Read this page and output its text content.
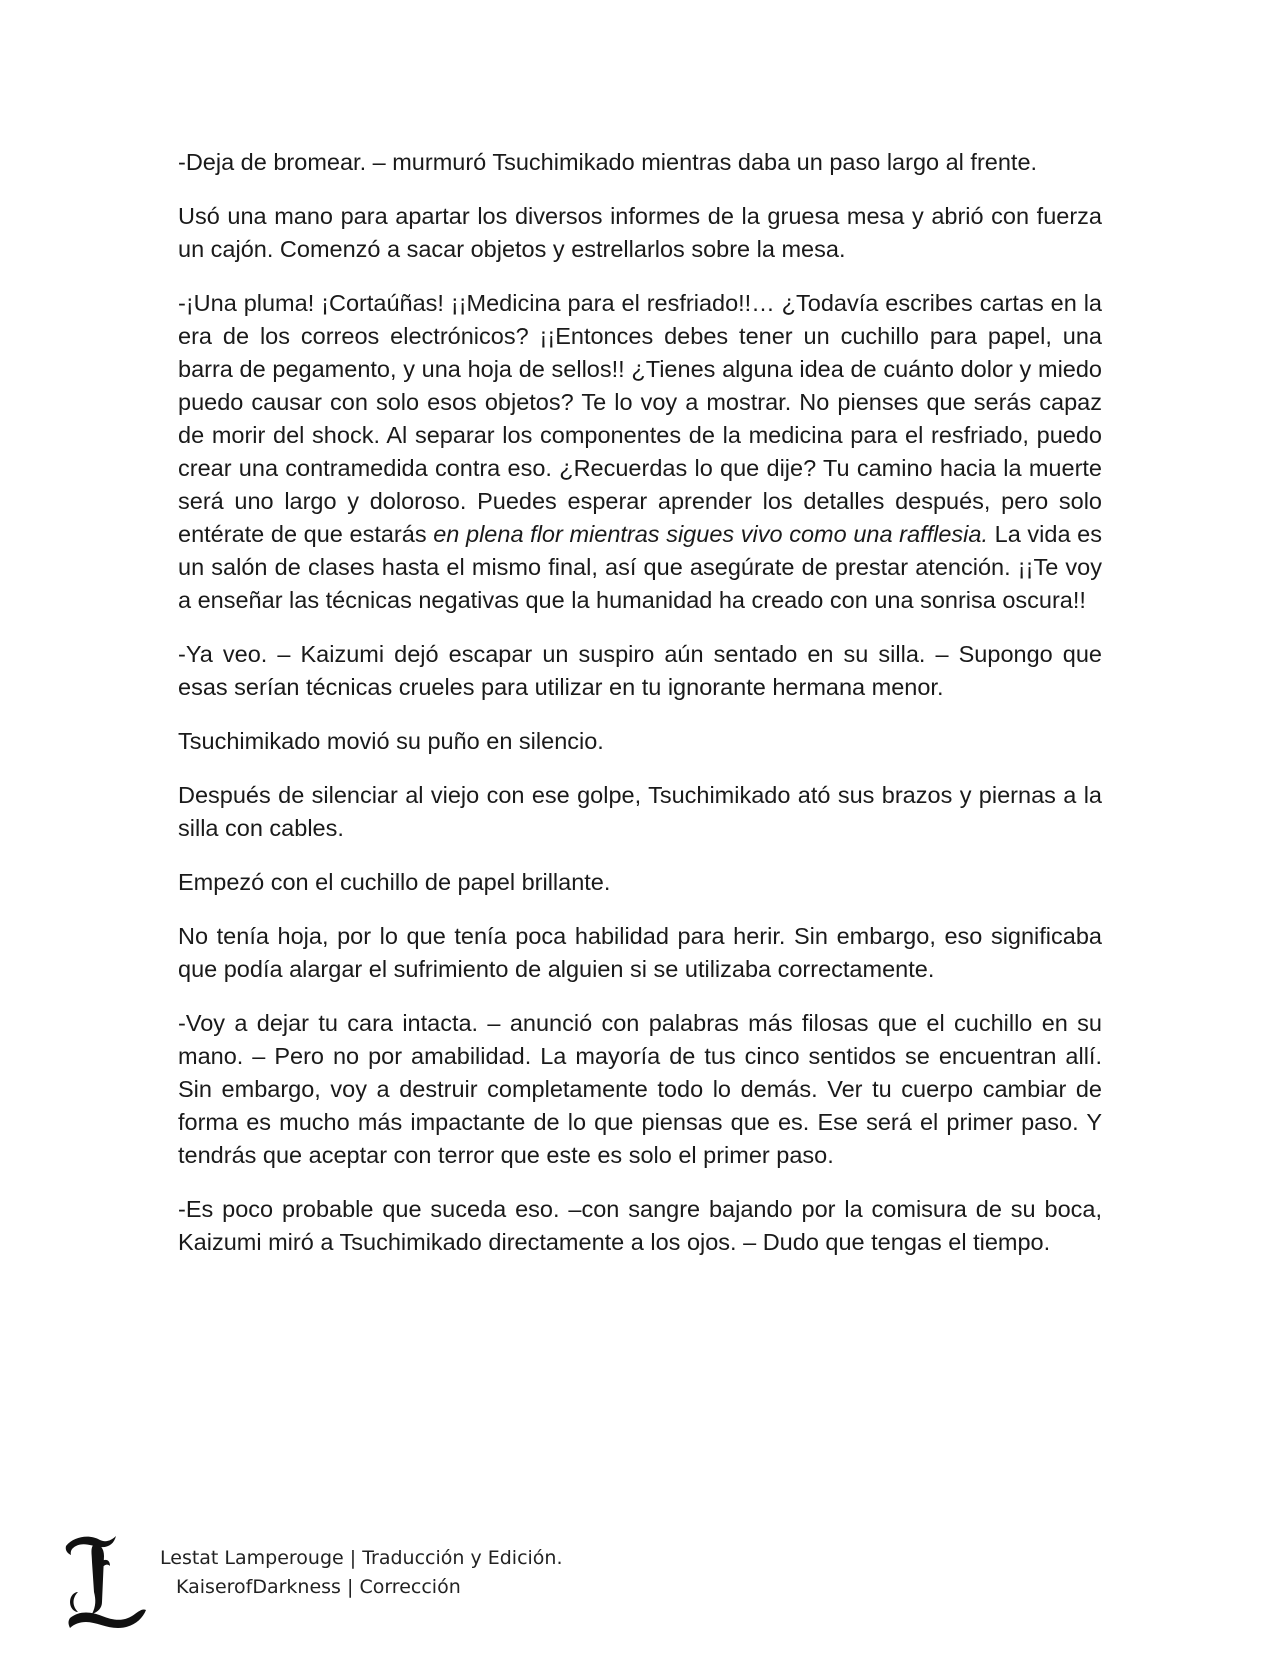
-Deja de bromear. – murmuró Tsuchimikado mientras daba un paso largo al frente.

Usó una mano para apartar los diversos informes de la gruesa mesa y abrió con fuerza un cajón. Comenzó a sacar objetos y estrellarlos sobre la mesa.

-¡Una pluma! ¡Cortaúñas! ¡¡Medicina para el resfriado!!… ¿Todavía escribes cartas en la era de los correos electrónicos? ¡¡Entonces debes tener un cuchillo para papel, una barra de pegamento, y una hoja de sellos!! ¿Tienes alguna idea de cuánto dolor y miedo puedo causar con solo esos objetos? Te lo voy a mostrar. No pienses que serás capaz de morir del shock. Al separar los componentes de la medicina para el resfriado, puedo crear una contramedida contra eso. ¿Recuerdas lo que dije? Tu camino hacia la muerte será uno largo y doloroso. Puedes esperar aprender los detalles después, pero solo entérate de que estarás en plena flor mientras sigues vivo como una rafflesia. La vida es un salón de clases hasta el mismo final, así que asegúrate de prestar atención. ¡¡Te voy a enseñar las técnicas negativas que la humanidad ha creado con una sonrisa oscura!!

-Ya veo. – Kaizumi dejó escapar un suspiro aún sentado en su silla. – Supongo que esas serían técnicas crueles para utilizar en tu ignorante hermana menor.

Tsuchimikado movió su puño en silencio.

Después de silenciar al viejo con ese golpe, Tsuchimikado ató sus brazos y piernas a la silla con cables.

Empezó con el cuchillo de papel brillante.

No tenía hoja, por lo que tenía poca habilidad para herir. Sin embargo, eso significaba que podía alargar el sufrimiento de alguien si se utilizaba correctamente.

-Voy a dejar tu cara intacta. – anunció con palabras más filosas que el cuchillo en su mano. – Pero no por amabilidad. La mayoría de tus cinco sentidos se encuentran allí. Sin embargo, voy a destruir completamente todo lo demás. Ver tu cuerpo cambiar de forma es mucho más impactante de lo que piensas que es. Ese será el primer paso. Y tendrás que aceptar con terror que este es solo el primer paso.

-Es poco probable que suceda eso. –con sangre bajando por la comisura de su boca, Kaizumi miró a Tsuchimikado directamente a los ojos. – Dudo que tengas el tiempo.

Lestat Lamperouge | Traducción y Edición.
KaiserofDarkness | Corrección
